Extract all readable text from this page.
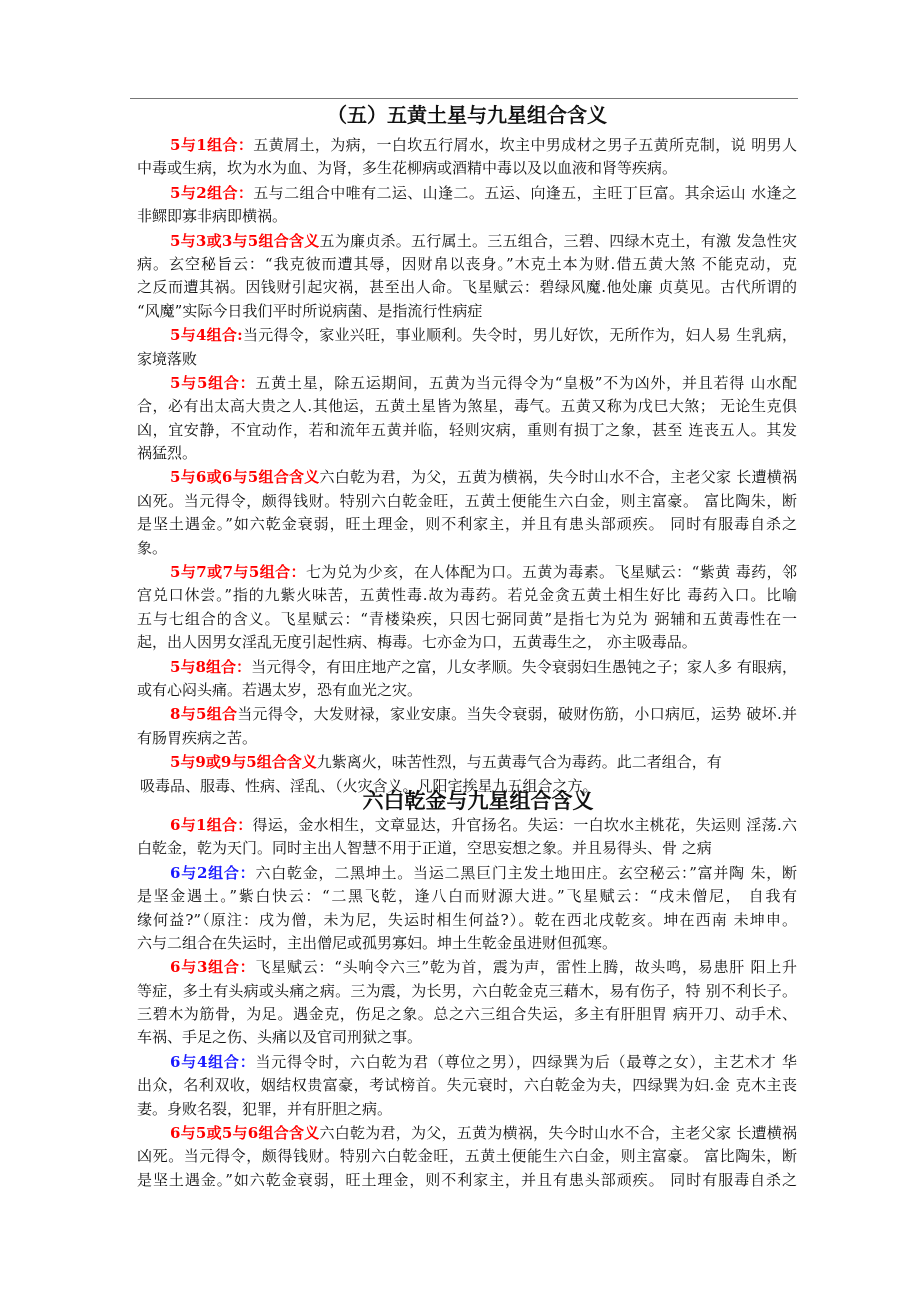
（五）五黄土星与九星组合含义
5与1组合：五黄屑土，为病，一白坎五行屑水，坎主中男成材之男子五黄所克制，说 明男人
中毒或生病，坎为水为血、为肾，多生花柳病或酒精中毒以及以血液和肾等疾病。
5与2组合：五与二组合中唯有二运、山逢二。五运、向逢五，主旺丁巨富。其余运山 水逢之
非鳏即寡非病即横祸。
5与3或3与5组合含义五为廉贞杀。五行属土。三五组合，三碧、四绿木克土，有激 发急性灾
病。玄空秘旨云：“我克彼而遭其辱，因财帛以丧身。”木克土本为财.借五黄大煞 不能克动，克
之反而遭其祸。因钱财引起灾祸，甚至出人命。飞星赋云：碧绿风魔.他处廉 贞莫见。古代所谓的
“风魔”实际今日我们平时所说病菌、是指流行性病症
5与4组合:当元得令，家业兴旺，事业顺利。失令时，男儿好饮，无所作为，妇人易 生乳病，
家境落败
5与5组合：五黄土星，除五运期间，五黄为当元得令为“皇极”不为凶外，并且若得 山水配
合，必有出太高大贵之人.其他运，五黄土星皆为煞星，毒气。五黄又称为戊巳大煞； 无论生克俱
凶，宜安静，不宜动作，若和流年五黄并临，轻则灾病，重则有损丁之象，甚至 连丧五人。其发
祸猛烈。
5与6或6与5组合含义六白乾为君，为父，五黄为横祸，失今时山水不合，主老父家 长遭横祸
凶死。当元得令，颇得钱财。特别六白乾金旺，五黄土便能生六白金，则主富豪。 富比陶朱，断
是坚土遇金。”如六乾金衰弱，旺土理金，则不利家主，并且有患头部顽疾。 同时有服毒自杀之
象。
5与7或7与5组合：七为兑为少亥，在人体配为口。五黄为毒素。飞星赋云：“紫黄 毒药，邻
宫兑口休尝。”指的九紫火味苦，五黄性毒.故为毒药。若兑金贪五黄土相生好比 毒药入口。比喻
五与七组合的含义。飞星赋云：“青楼染疾，只因七弼同黄”是指七为兑为 弼辅和五黄毒性在一
起，出人因男女淫乱无度引起性病、梅毒。七亦金为口，五黄毒生之， 亦主吸毒品。
5与8组合：当元得令，有田庄地产之富，儿女孝顺。失令衰弱妇生愚钝之子；家人多 有眼病，
或有心闷头痛。若遇太岁，恐有血光之灾。
8与5组合当元得令，大发财禄，家业安康。当失令衰弱，破财伤筋，小口病厄，运势 破坏.并
有肠胃疾病之苦。
5与9或9与5组合含义九紫离火，味苦性烈，与五黄毒气合为毒药。此二者组合，有
吸毒品、服毒、性病、淫乱、（火灾含义。凡阳宅挨星九五组合之方。
六白乾金与九星组合含义
6与1组合：得运，金水相生，文章显达，升官扬名。失运：一白坎水主桃花，失运则 淫荡.六
白乾金，乾为天门。同时主出人智慧不用于正道，空思妄想之象。并且易得头、骨 之病
6与2组合：六白乾金，二黑坤土。当运二黑巨门主发土地田庄。玄空秘云：”富并陶 朱，断
是坚金遇土。”紫白快云：“二黑飞乾，逢八白而财源大进。”飞星赋云：“戌未僧尼， 自我有
缘何益?”（原注：戌为僧，未为尼，失运时相生何益?）。乾在西北戌乾亥。坤在西南 未坤申。
六与二组合在失运时，主出僧尼或孤男寡妇。坤土生乾金虽进财但孤寒。
6与3组合：飞星赋云：“头响令六三”乾为首，震为声，雷性上腾，故头鸣，易患肝 阳上升
等症，多土有头病或头痛之病。三为震，为长男，六白乾金克三藉木，易有伤子，特 别不利长子。
三碧木为筋骨，为足。遇金克，伤足之象。总之六三组合失运，多主有肝胆胃 病开刀、动手术、
车祸、手足之伤、头痛以及官司刑狱之事。
6与4组合：当元得令时，六白乾为君（尊位之男），四绿巽为后（最尊之女），主艺术才 华
出众，名利双收，姻结权贵富豪，考试榜首。失元衰时，六白乾金为夫，四绿巽为妇.金 克木主丧
妻。身败名裂，犯罪，并有肝胆之病。
6与5或5与6组合含义六白乾为君，为父，五黄为横祸，失今时山水不合，主老父家 长遭横祸
凶死。当元得令，颇得钱财。特别六白乾金旺，五黄土便能生六白金，则主富豪。 富比陶朱，断
是坚土遇金。”如六乾金衰弱，旺土理金，则不利家主，并且有患头部顽疾。 同时有服毒自杀之
